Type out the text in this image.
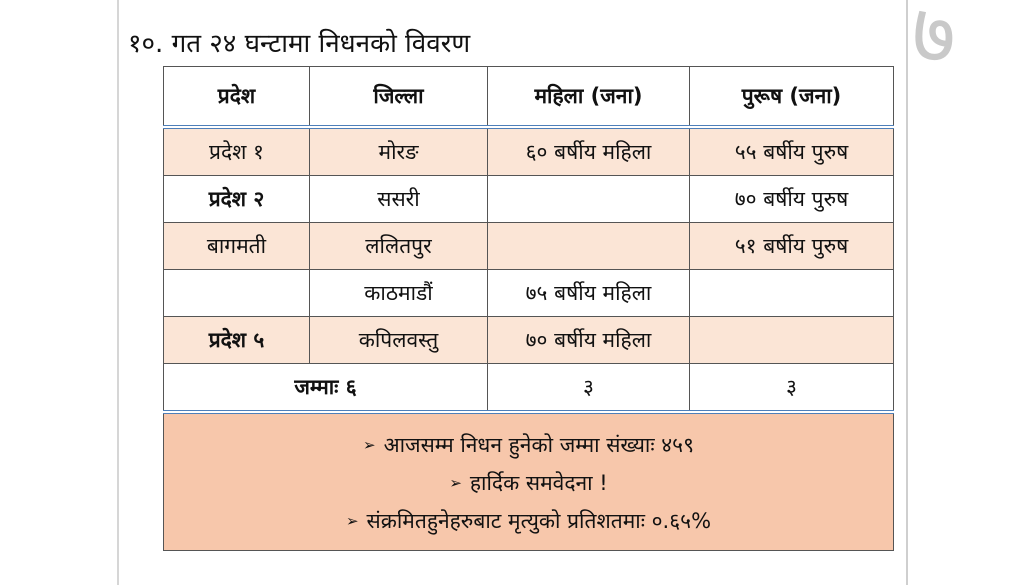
७
१०. गत २४ घन्टामा निधनको विवरण
प्रदेश	जिल्ला	महिला (जना)	पुरूष (जना)
प्रदेश १	मोरङ	६० बर्षीय महिला	५५ बर्षीय पुरुष
प्रदेश २	ससरी		७० बर्षीय पुरुष
बागमती	ललितपुर		५१ बर्षीय पुरुष
	काठमाडौं	७५ बर्षीय महिला	
प्रदेश ५	कपिलवस्तु	७० बर्षीय महिला	
जम्माः ६		३	३

➢ आजसम्म निधन हुनेको जम्मा संख्याः ४५९
➢ हार्दिक समवेदना !
➢ संक्रमितहुनेहरुबाट मृत्युको प्रतिशतमाः ०.६५%			
